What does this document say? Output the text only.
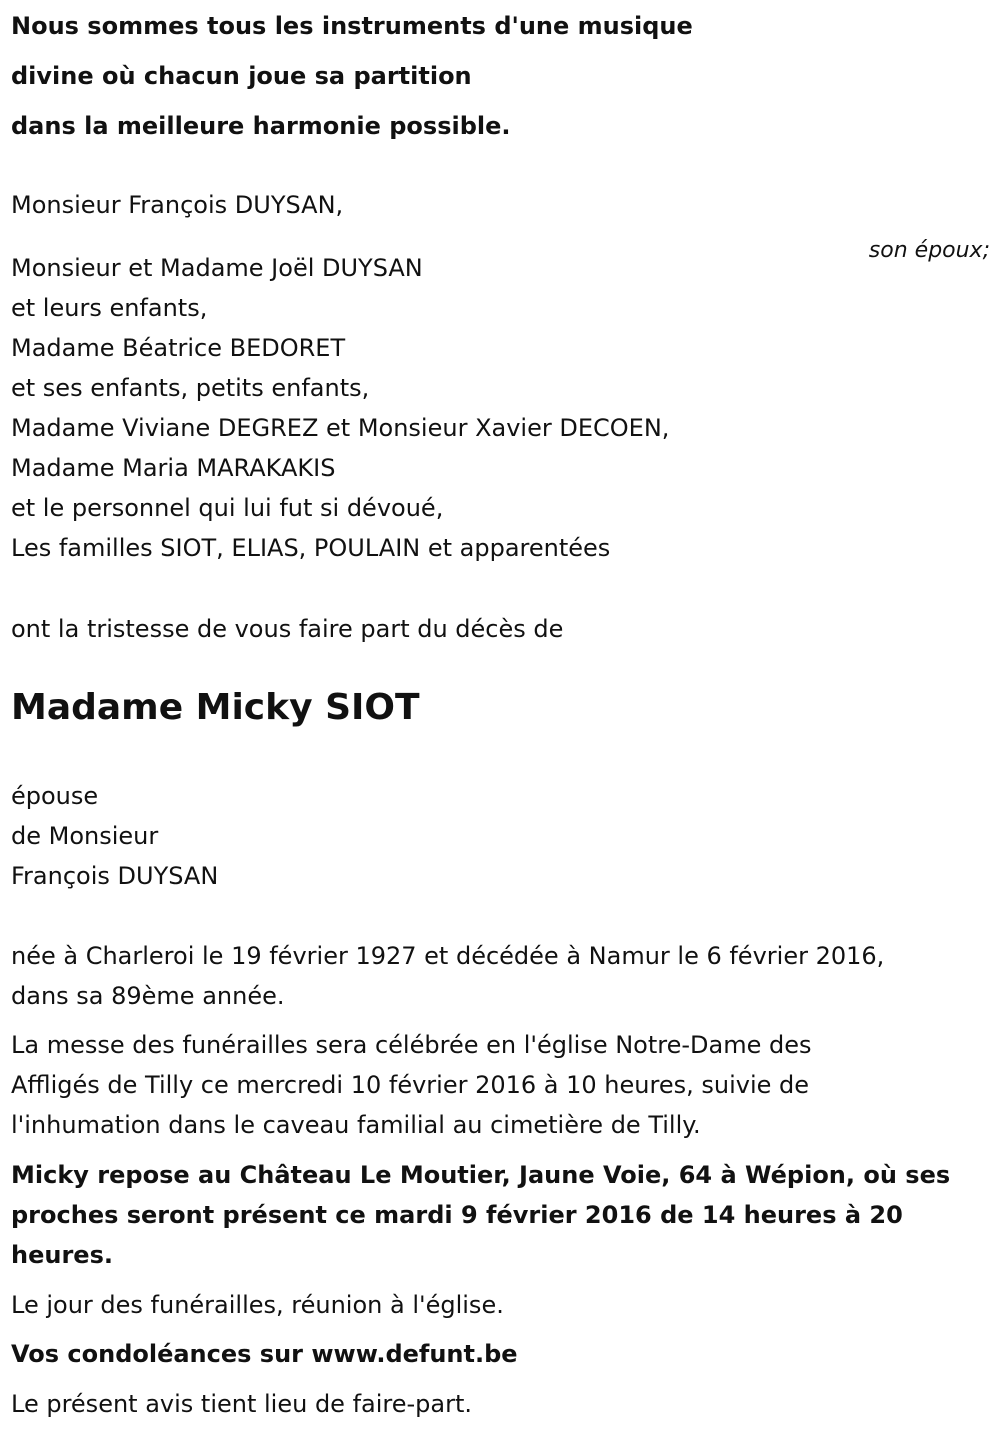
Nous sommes tous les instruments d'une musique

divine où chacun joue sa partition

dans la meilleure harmonie possible.

Monsieur François DUYSAN,

son époux;

Monsieur et Madame Joël DUYSAN

et leurs enfants,

Madame Béatrice BEDORET

et ses enfants, petits enfants,

Madame Viviane DEGREZ et Monsieur Xavier DECOEN,

Madame Maria MARAKAKIS

et le personnel qui lui fut si dévoué,

Les familles SIOT, ELIAS, POULAIN et apparentées

ont la tristesse de vous faire part du décès de

Madame Micky SIOT

épouse

de Monsieur

François DUYSAN

née à Charleroi le 19 février 1927 et décédée à Namur le 6 février 2016,

dans sa 89ème année.

La messe des funérailles sera célébrée en l'église Notre-Dame des

Affligés de Tilly ce mercredi 10 février 2016 à 10 heures, suivie de

l'inhumation dans le caveau familial au cimetière de Tilly.

Micky repose au Château Le Moutier, Jaune Voie, 64 à Wépion, où ses

proches seront présent ce mardi 9 février 2016 de 14 heures à 20

heures.

Le jour des funérailles, réunion à l'église.

Vos condoléances sur www.defunt.be

Le présent avis tient lieu de faire-part.
